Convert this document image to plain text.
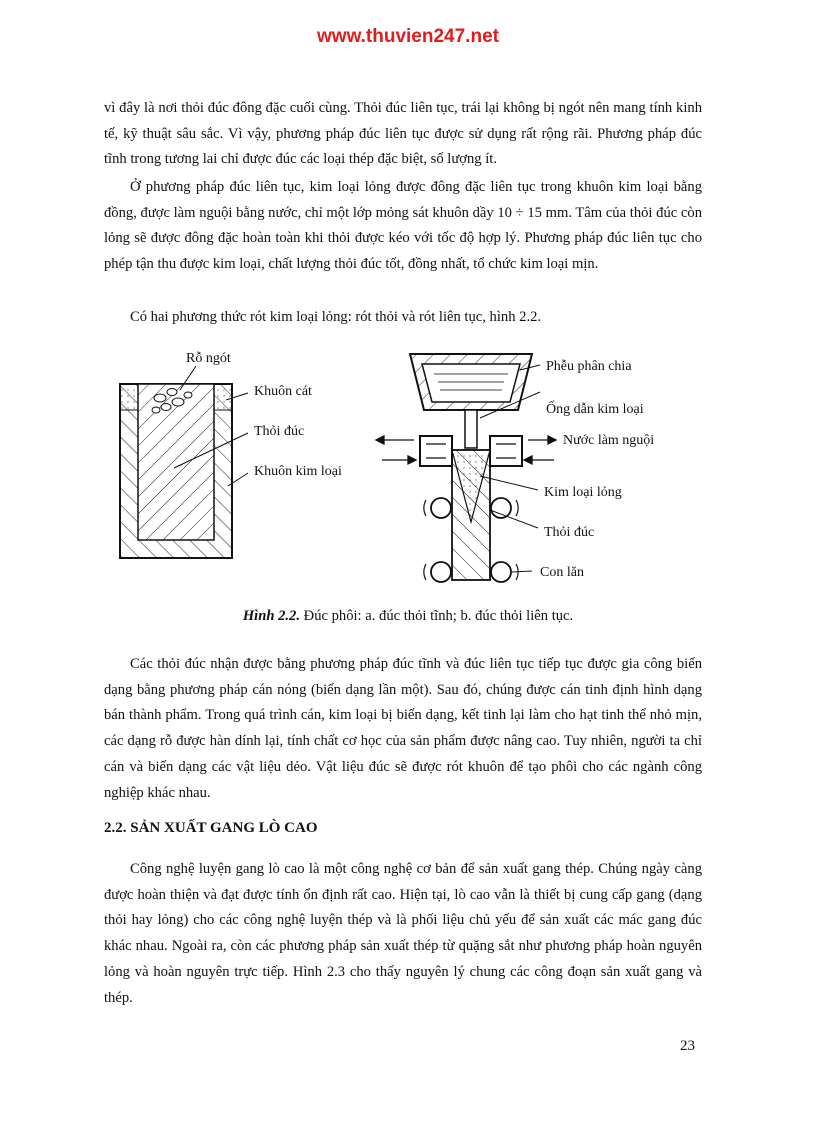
www.thuvien247.net

vì đây là nơi thỏi đúc đông đặc cuối cùng. Thỏi đúc liên tục, trái lại không bị ngót nên mang tính kinh tế, kỹ thuật sâu sắc. Vì vậy, phương pháp đúc liên tục được sử dụng rất rộng rãi. Phương pháp đúc tĩnh trong tương lai chỉ được đúc các loại thép đặc biệt, số lượng ít.

Ở phương pháp đúc liên tục, kim loại lỏng được đông đặc liên tục trong khuôn kim loại bằng đồng, được làm nguội bằng nước, chỉ một lớp mỏng sát khuôn dầy 10 ÷ 15 mm. Tâm của thỏi đúc còn lỏng sẽ được đông đặc hoàn toàn khi thỏi được kéo với tốc độ hợp lý. Phương pháp đúc liên tục cho phép tận thu được kim loại, chất lượng thỏi đúc tốt, đồng nhất, tổ chức kim loại mịn.

Có hai phương thức rót kim loại lỏng: rót thỏi và rót liên tục, hình 2.2.

Rỗ ngót
Khuôn cát
Thỏi đúc
Khuôn kim loại
Phễu phân chia
Ống dẫn kim loại
Nước làm nguội
Kim loại lỏng
Thỏi đúc
Con lăn
Hình 2.2. Đúc phôi: a. đúc thỏi tĩnh; b. đúc thỏi liên tục.

Các thỏi đúc nhận được bằng phương pháp đúc tĩnh và đúc liên tục tiếp tục được gia công biến dạng bằng phương pháp cán nóng (biến dạng lần một). Sau đó, chúng được cán tinh định hình dạng bán thành phẩm. Trong quá trình cán, kim loại bị biến dạng, kết tinh lại làm cho hạt tinh thể nhỏ mịn, các dạng rỗ được hàn dính lại, tính chất cơ học của sản phẩm được nâng cao. Tuy nhiên, người ta chỉ cán và biến dạng các vật liệu dẻo. Vật liệu đúc sẽ được rót khuôn để tạo phôi cho các ngành công nghiệp khác nhau.

2.2. SẢN XUẤT GANG LÒ CAO

Công nghệ luyện gang lò cao là một công nghệ cơ bản để sản xuất gang thép. Chúng ngày càng được hoàn thiện và đạt được tính ổn định rất cao. Hiện tại, lò cao vẫn là thiết bị cung cấp gang (dạng thỏi hay lỏng) cho các công nghệ luyện thép và là phối liệu chủ yếu để sản xuất các mác gang đúc khác nhau. Ngoài ra, còn các phương pháp sản xuất thép từ quặng sắt như phương pháp hoàn nguyên lỏng và hoàn nguyên trực tiếp. Hình 2.3 cho thấy nguyên lý chung các công đoạn sản xuất gang và thép.

23
